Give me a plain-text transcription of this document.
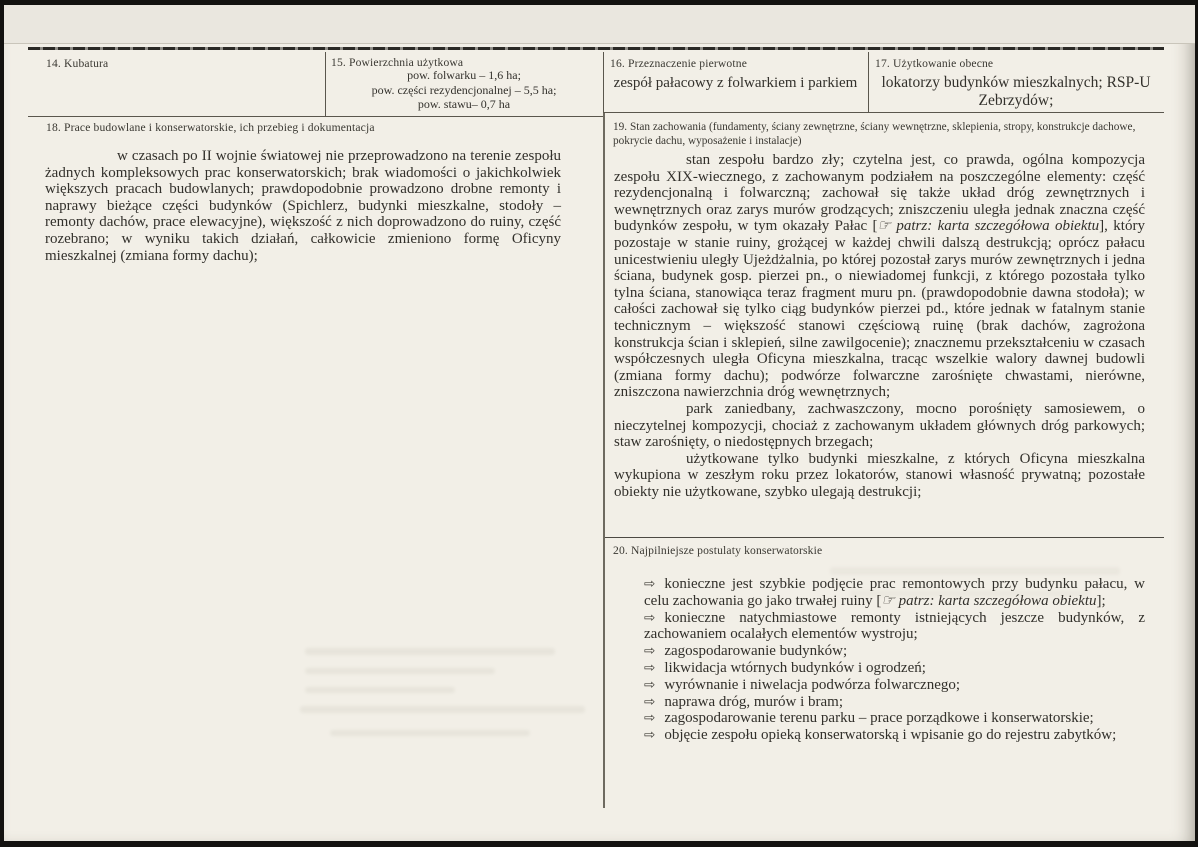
14. Kubatura	15. Powierzchnia użytkowa
pow. folwarku – 1,6 ha;
pow. części rezydencjonalnej – 5,5 ha;
pow. stawu– 0,7 ha
16. Przeznaczenie pierwotne
zespół pałacowy z folwarkiem i parkiem
17. Użytkowanie obecne
lokatorzy budynków mieszkalnych; RSP-U Zebrzydów;
18. Prace budowlane i konserwatorskie, ich przebieg i dokumentacja

w czasach po II wojnie światowej nie przeprowadzono na terenie zespołu żadnych kompleksowych prac konserwatorskich; brak wiadomości o jakichkolwiek większych pracach budowlanych; prawdopodobnie prowadzono drobne remonty i naprawy bieżące części budynków (Spichlerz, budynki mieszkalne, stodoły – remonty dachów, prace elewacyjne), większość z nich doprowadzono do ruiny, część rozebrano; w wyniku takich działań, całkowicie zmieniono formę Oficyny mieszkalnej (zmiana formy dachu);

19. Stan zachowania (fundamenty, ściany zewnętrzne, ściany wewnętrzne, sklepienia, stropy, konstrukcje dachowe, pokrycie dachu, wyposażenie i instalacje)

stan zespołu bardzo zły; czytelna jest, co prawda, ogólna kompozycja zespołu XIX-wiecznego, z zachowanym podziałem na poszczególne elementy: część rezydencjonalną i folwarczną; zachował się także układ dróg zewnętrznych i wewnętrznych oraz zarys murów grodzących; zniszczeniu uległa jednak znaczna część budynków zespołu, w tym okazały Pałac [☞ patrz: karta szczegółowa obiektu], który pozostaje w stanie ruiny, grożącej w każdej chwili dalszą destrukcją; oprócz pałacu unicestwieniu uległy Ujeżdżalnia, po której pozostał zarys murów zewnętrznych i jedna ściana, budynek gosp. pierzei pn., o niewiadomej funkcji, z którego pozostała tylko tylna ściana, stanowiąca teraz fragment muru pn. (prawdopodobnie dawna stodoła); w całości zachował się tylko ciąg budynków pierzei pd., które jednak w fatalnym stanie technicznym – większość stanowi częściową ruinę (brak dachów, zagrożona konstrukcja ścian i sklepień, silne zawilgocenie); znacznemu przekształceniu w czasach współczesnych uległa Oficyna mieszkalna, tracąc wszelkie walory dawnej budowli (zmiana formy dachu); podwórze folwarczne zarośnięte chwastami, nierówne, zniszczona nawierzchnia dróg wewnętrznych;

park zaniedbany, zachwaszczony, mocno porośnięty samosiewem, o nieczytelnej kompozycji, chociaż z zachowanym układem głównych dróg parkowych; staw zarośnięty, o niedostępnych brzegach;

użytkowane tylko budynki mieszkalne, z których Oficyna mieszkalna wykupiona w zeszłym roku przez lokatorów, stanowi własność prywatną; pozostałe obiekty nie użytkowane, szybko ulegają destrukcji;

20. Najpilniejsze postulaty konserwatorskie
⇨ konieczne jest szybkie podjęcie prac remontowych przy budynku pałacu, w celu zachowania go jako trwałej ruiny [☞ patrz: karta szczegółowa obiektu];
⇨ konieczne natychmiastowe remonty istniejących jeszcze budynków, z zachowaniem ocalałych elementów wystroju;
⇨ zagospodarowanie budynków;
⇨ likwidacja wtórnych budynków i ogrodzeń;
⇨ wyrównanie i niwelacja podwórza folwarcznego;
⇨ naprawa dróg, murów i bram;
⇨ zagospodarowanie terenu parku – prace porządkowe i konserwatorskie;
⇨ objęcie zespołu opieką konserwatorską i wpisanie go do rejestru zabytków;
